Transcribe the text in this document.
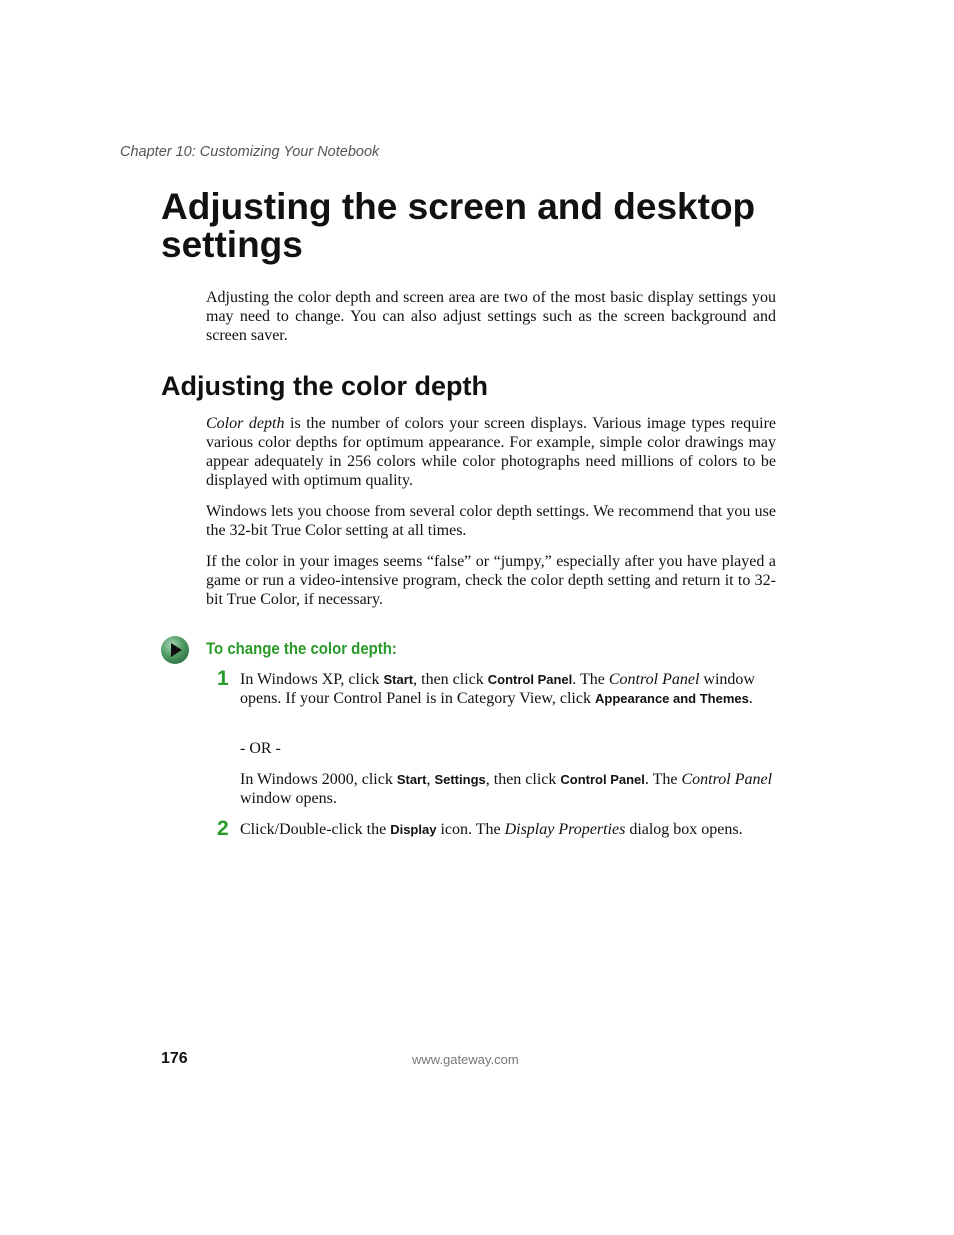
Chapter 10: Customizing Your Notebook
Adjusting the screen and desktop settings

Adjusting the color depth and screen area are two of the most basic display settings you may need to change. You can also adjust settings such as the screen background and screen saver.

Adjusting the color depth

Color depth is the number of colors your screen displays. Various image types require various color depths for optimum appearance. For example, simple color drawings may appear adequately in 256 colors while color photographs need millions of colors to be displayed with optimum quality.

Windows lets you choose from several color depth settings. We recommend that you use the 32-bit True Color setting at all times.

If the color in your images seems “false” or “jumpy,” especially after you have played a game or run a video-intensive program, check the color depth setting and return it to 32-bit True Color, if necessary.

To change the color depth:
1 In Windows XP, click Start, then click Control Panel. The Control Panel window opens. If your Control Panel is in Category View, click Appearance and Themes.

- OR -

In Windows 2000, click Start, Settings, then click Control Panel. The Control Panel window opens.

2 Click/Double-click the Display icon. The Display Properties dialog box opens.

176	www.gateway.com
